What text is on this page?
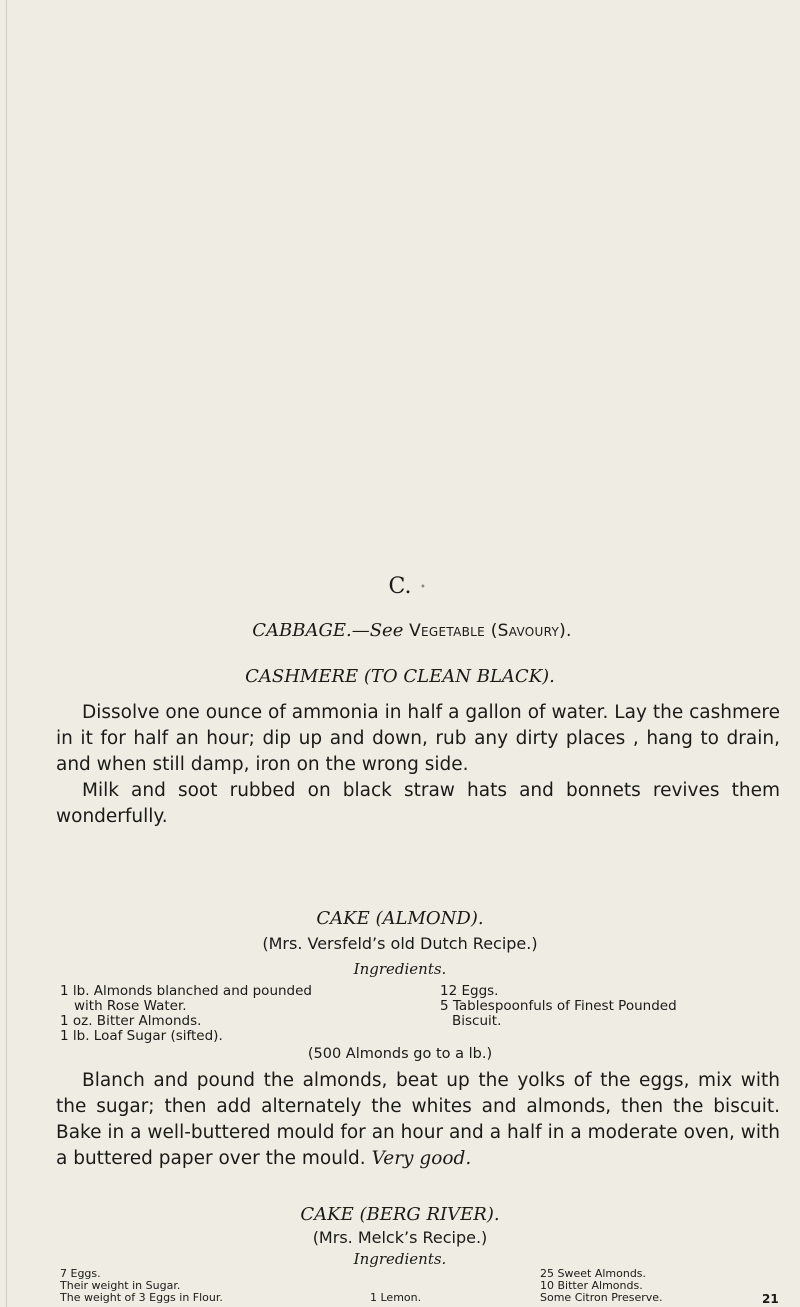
C. •
CABBAGE.—See Vegetable (Savoury).
CASHMERE (TO CLEAN BLACK).

Dissolve one ounce of ammonia in half a gallon of water. Lay the cashmere in it for half an hour; dip up and down, rub any dirty places , hang to drain, and when still damp, iron on the wrong side.

Milk and soot rubbed on black straw hats and bonnets revives them wonderfully.

CAKE (ALMOND).
(Mrs. Versfeld’s old Dutch Recipe.)
Ingredients.
1 lb. Almonds blanched and pounded
with Rose Water.
1 oz. Bitter Almonds.
1 lb. Loaf Sugar (sifted).
12 Eggs.
5 Tablespoonfuls of Finest Pounded
Biscuit.
(500 Almonds go to a lb.)

Blanch and pound the almonds, beat up the yolks of the eggs, mix with the sugar; then add alternately the whites and almonds, then the biscuit. Bake in a well-buttered mould for an hour and a half in a moderate oven, with a buttered paper over the mould. Very good.

CAKE (BERG RIVER).
(Mrs. Melck’s Recipe.)
Ingredients.
7 Eggs.
Their weight in Sugar.
The weight of 3 Eggs in Flour.
25 Sweet Almonds.
10 Bitter Almonds.
Some Citron Preserve.
1 Lemon.	21
